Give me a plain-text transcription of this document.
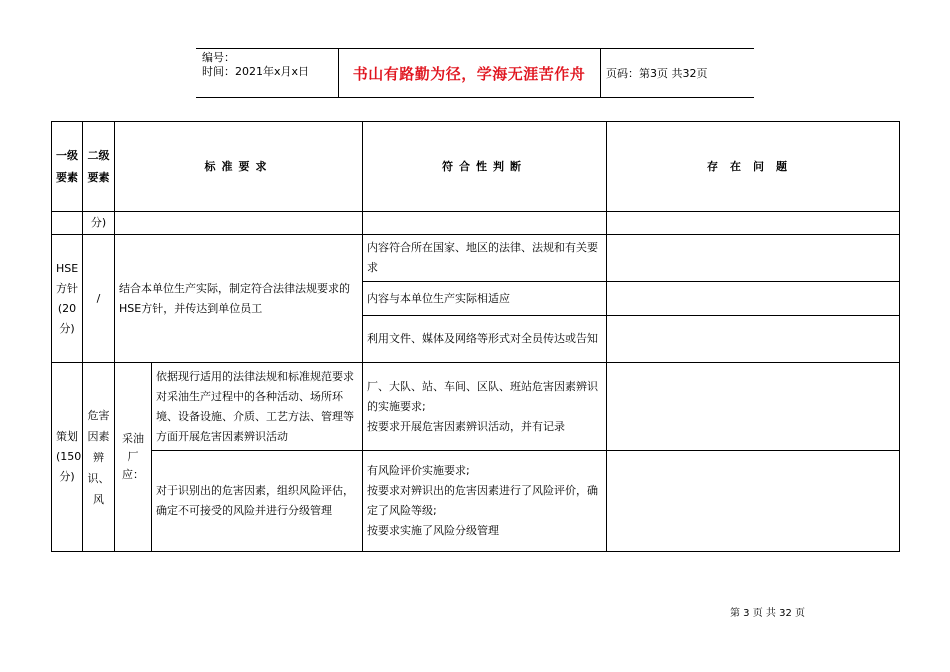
编号：
时间：2021年x月x日	书山有路勤为径，学海无涯苦作舟	页码：第3页 共32页
一级要素	二级要素	标准要求		符合性判断	存在问题
	分)				
HSE方针(20分)	/	结合本单位生产实际，制定符合法律法规要求的HSE方针，并传达到单位员工		内容符合所在国家、地区的法律、法规和有关要求	
				内容与本单位生产实际相适应	
				利用文件、媒体及网络等形式对全员传达或告知	
策划(150分)	危害因素辨识、风	采油厂应：	依据现行适用的法律法规和标准规范要求对采油生产过程中的各种活动、场所环境、设备设施、介质、工艺方法、管理等方面开展危害因素辨识活动	厂、大队、站、车间、区队、班站危害因素辨识的实施要求;
按要求开展危害因素辨识活动，并有记录	
			对于识别出的危害因素，组织风险评估，确定不可接受的风险并进行分级管理	有风险评价实施要求;
按要求对辨识出的危害因素进行了风险评价，确定了风险等级;
按要求实施了风险分级管理	
第 3 页 共 32 页
